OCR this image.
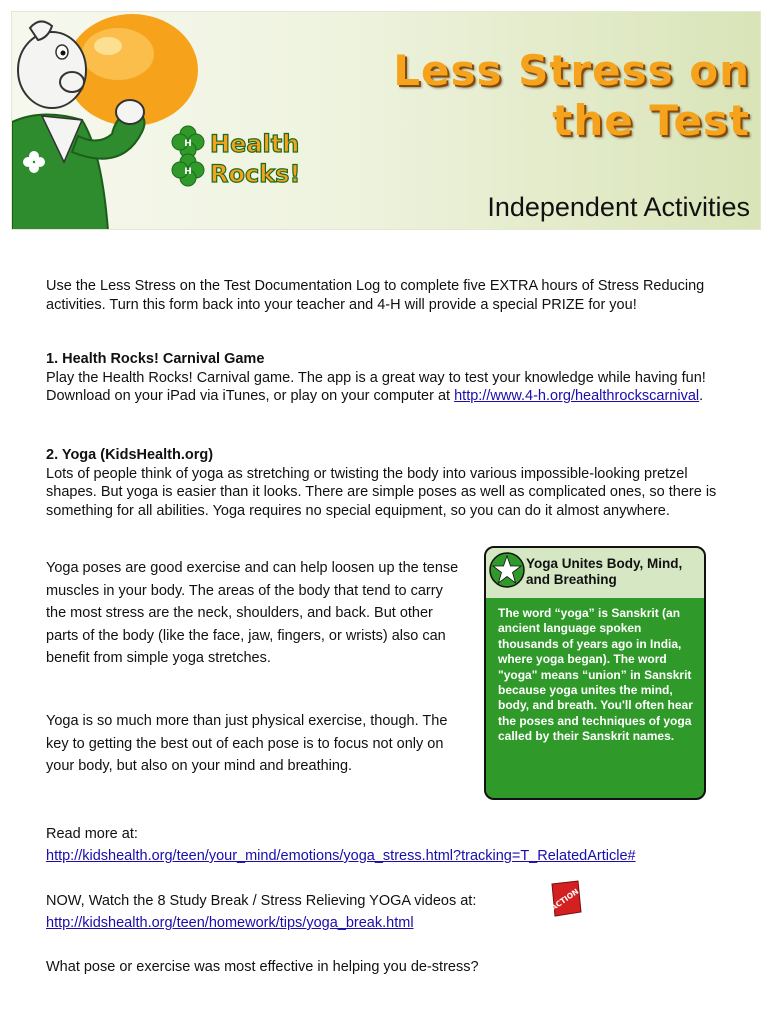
H
H
Health
Rocks!
Less Stress on
the Test
Independent Activities
Use the Less Stress on the Test Documentation Log to complete five EXTRA hours of Stress Reducing activities. Turn this form back into your teacher and 4-H will provide a special PRIZE for you!
1. Health Rocks! Carnival Game
Play the Health Rocks! Carnival game. The app is a great way to test your knowledge while having fun! Download on your iPad via iTunes, or play on your computer at http://www.4-h.org/healthrockscarnival.
2. Yoga (KidsHealth.org)
Lots of people think of yoga as stretching or twisting the body into various impossible-looking pretzel shapes. But yoga is easier than it looks. There are simple poses as well as complicated ones, so there is something for all abilities. Yoga requires no special equipment, so you can do it almost anywhere.
Yoga poses are good exercise and can help loosen up the tense muscles in your body. The areas of the body that tend to carry the most stress are the neck, shoulders, and back. But other parts of the body (like the face, jaw, fingers, or wrists) also can benefit from simple yoga stretches.
Yoga is so much more than just physical exercise, though. The key to getting the best out of each pose is to focus not only on your body, but also on your mind and breathing.
Yoga Unites Body, Mind, and Breathing
The word “yoga” is Sanskrit (an ancient language spoken thousands of years ago in India, where yoga began). The word "yoga" means “union” in Sanskrit because yoga unites the mind, body, and breath. You'll often hear the poses and techniques of yoga called by their Sanskrit names.
Read more at:
http://kidshealth.org/teen/your_mind/emotions/yoga_stress.html?tracking=T_RelatedArticle#
NOW, Watch the 8 Study Break / Stress Relieving YOGA videos at:
http://kidshealth.org/teen/homework/tips/yoga_break.html
ACTION
What pose or exercise was most effective in helping you de-stress?
